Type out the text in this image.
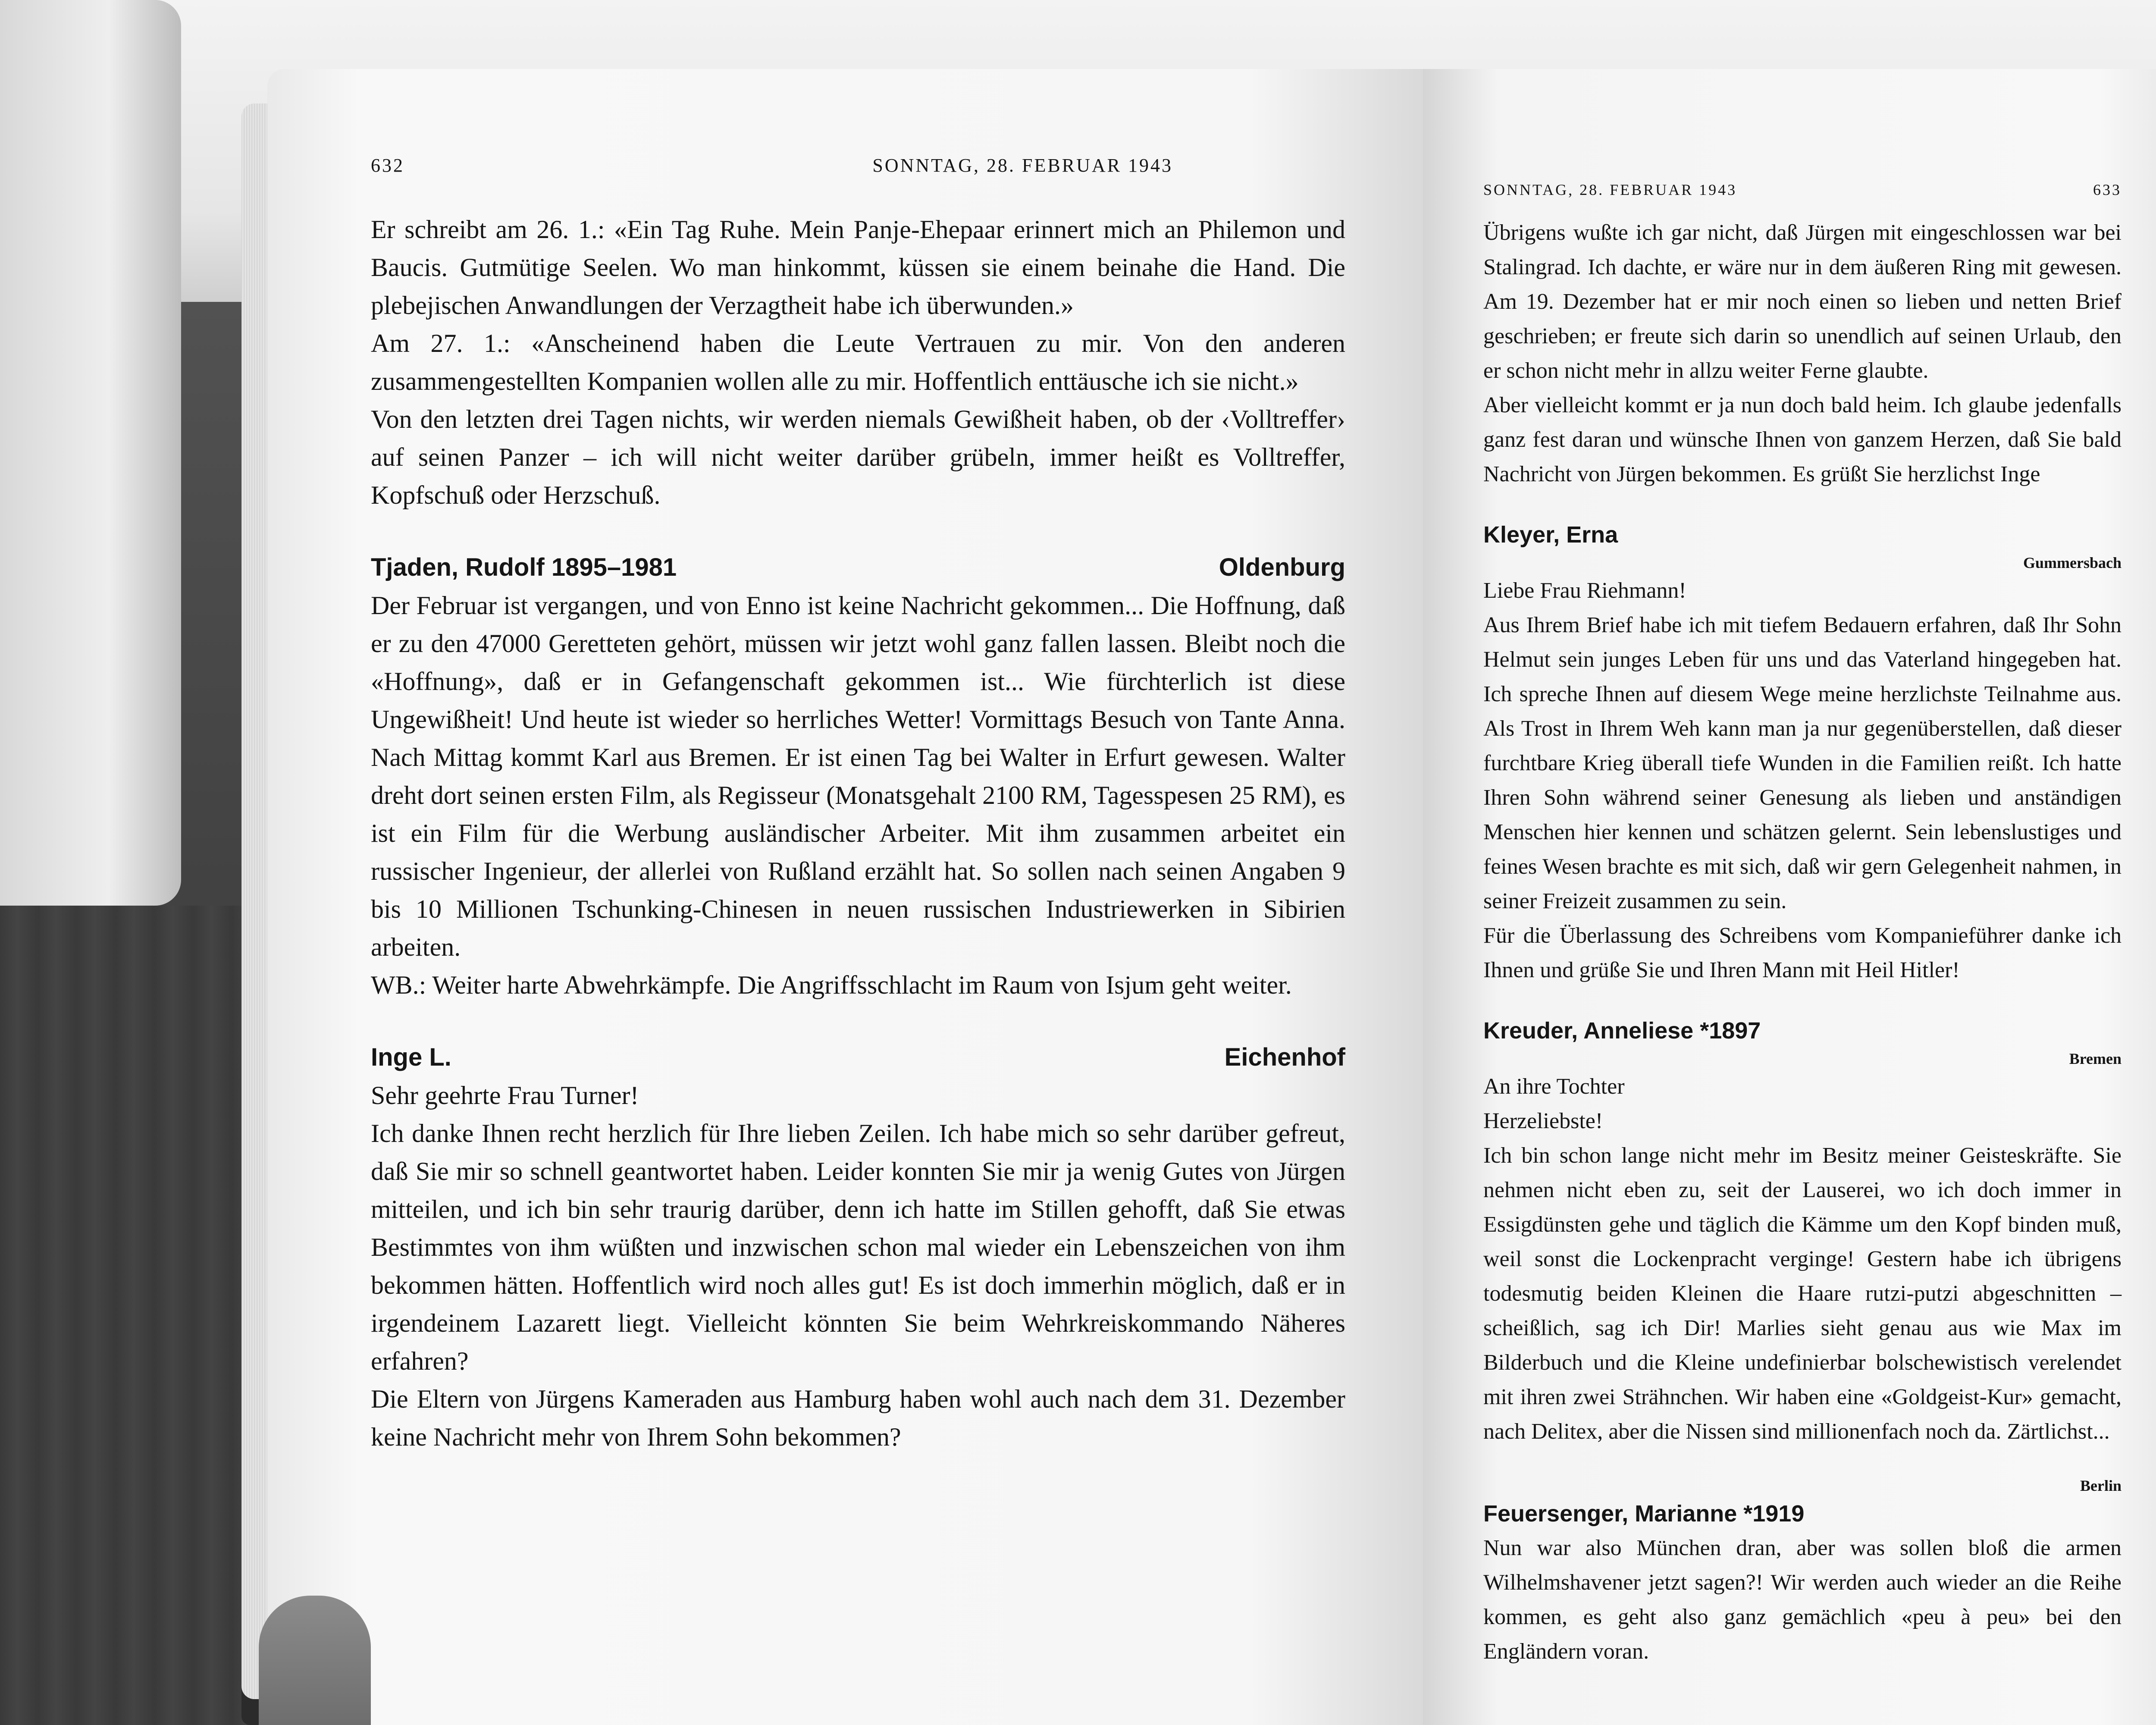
632	SONNTAG, 28. FEBRUAR 1943

Er schreibt am 26. 1.: «Ein Tag Ruhe. Mein Panje-Ehepaar erinnert mich an Philemon und Baucis. Gutmütige Seelen. Wo man hinkommt, küssen sie einem beinahe die Hand. Die plebejischen Anwandlungen der Verzagtheit habe ich überwunden.»

Am 27. 1.: «Anscheinend haben die Leute Vertrauen zu mir. Von den anderen zusammengestellten Kompanien wollen alle zu mir. Hoffentlich enttäusche ich sie nicht.»

Von den letzten drei Tagen nichts, wir werden niemals Gewißheit haben, ob der ‹Volltreffer› auf seinen Panzer – ich will nicht weiter darüber grübeln, immer heißt es Volltreffer, Kopfschuß oder Herzschuß.

Tjaden, Rudolf 1895–1981	Oldenburg

Der Februar ist vergangen, und von Enno ist keine Nachricht gekommen... Die Hoffnung, daß er zu den 47000 Geretteten gehört, müssen wir jetzt wohl ganz fallen lassen. Bleibt noch die «Hoffnung», daß er in Gefangenschaft gekommen ist... Wie fürchterlich ist diese Ungewißheit! Und heute ist wieder so herrliches Wetter! Vormittags Besuch von Tante Anna. Nach Mittag kommt Karl aus Bremen. Er ist einen Tag bei Walter in Erfurt gewesen. Walter dreht dort seinen ersten Film, als Regisseur (Monatsgehalt 2100 RM, Tagesspesen 25 RM), es ist ein Film für die Werbung ausländischer Arbeiter. Mit ihm zusammen arbeitet ein russischer Ingenieur, der allerlei von Rußland erzählt hat. So sollen nach seinen Angaben 9 bis 10 Millionen Tschunking-Chinesen in neuen russischen Industriewerken in Sibirien arbeiten.

WB.: Weiter harte Abwehrkämpfe. Die Angriffsschlacht im Raum von Isjum geht weiter.

Inge L.	Eichenhof

Sehr geehrte Frau Turner!

Ich danke Ihnen recht herzlich für Ihre lieben Zeilen. Ich habe mich so sehr darüber gefreut, daß Sie mir so schnell geantwortet haben. Leider konnten Sie mir ja wenig Gutes von Jürgen mitteilen, und ich bin sehr traurig darüber, denn ich hatte im Stillen gehofft, daß Sie etwas Bestimmtes von ihm wüßten und inzwischen schon mal wieder ein Lebenszeichen von ihm bekommen hätten. Hoffentlich wird noch alles gut! Es ist doch immerhin möglich, daß er in irgendeinem Lazarett liegt. Vielleicht könnten Sie beim Wehrkreiskommando Näheres erfahren?

Die Eltern von Jürgens Kameraden aus Hamburg haben wohl auch nach dem 31. Dezember keine Nachricht mehr von Ihrem Sohn bekommen?

SONNTAG, 28. FEBRUAR 1943	633

Übrigens wußte ich gar nicht, daß Jürgen mit eingeschlossen war bei Stalingrad. Ich dachte, er wäre nur in dem äußeren Ring mit gewesen. Am 19. Dezember hat er mir noch einen so lieben und netten Brief geschrieben; er freute sich darin so unendlich auf seinen Urlaub, den er schon nicht mehr in allzu weiter Ferne glaubte.

Aber vielleicht kommt er ja nun doch bald heim. Ich glaube jedenfalls ganz fest daran und wünsche Ihnen von ganzem Herzen, daß Sie bald Nachricht von Jürgen bekommen. Es grüßt Sie herzlichst Inge

Kleyer, Erna
Gummersbach

Liebe Frau Riehmann!

Aus Ihrem Brief habe ich mit tiefem Bedauern erfahren, daß Ihr Sohn Helmut sein junges Leben für uns und das Vaterland hingegeben hat. Ich spreche Ihnen auf diesem Wege meine herzlichste Teilnahme aus. Als Trost in Ihrem Weh kann man ja nur gegenüberstellen, daß dieser furchtbare Krieg überall tiefe Wunden in die Familien reißt. Ich hatte Ihren Sohn während seiner Genesung als lieben und anständigen Menschen hier kennen und schätzen gelernt. Sein lebenslustiges und feines Wesen brachte es mit sich, daß wir gern Gelegenheit nahmen, in seiner Freizeit zusammen zu sein.

Für die Überlassung des Schreibens vom Kompanieführer danke ich Ihnen und grüße Sie und Ihren Mann mit Heil Hitler!

Kreuder, Anneliese *1897
Bremen

An ihre Tochter

Herzeliebste!

Ich bin schon lange nicht mehr im Besitz meiner Geisteskräfte. Sie nehmen nicht eben zu, seit der Lauserei, wo ich doch immer in Essigdünsten gehe und täglich die Kämme um den Kopf binden muß, weil sonst die Lockenpracht verginge! Gestern habe ich übrigens todesmutig beiden Kleinen die Haare rutzi-putzi abgeschnitten – scheißlich, sag ich Dir! Marlies sieht genau aus wie Max im Bilderbuch und die Kleine undefinierbar bolschewistisch verelendet mit ihren zwei Strähnchen. Wir haben eine «Goldgeist-Kur» gemacht, nach Delitex, aber die Nissen sind millionenfach noch da. Zärtlichst...

Berlin
Feuersenger, Marianne *1919

Nun war also München dran, aber was sollen bloß die armen Wilhelmshavener jetzt sagen?! Wir werden auch wieder an die Reihe kommen, es geht also ganz gemächlich «peu à peu» bei den Engländern voran.
